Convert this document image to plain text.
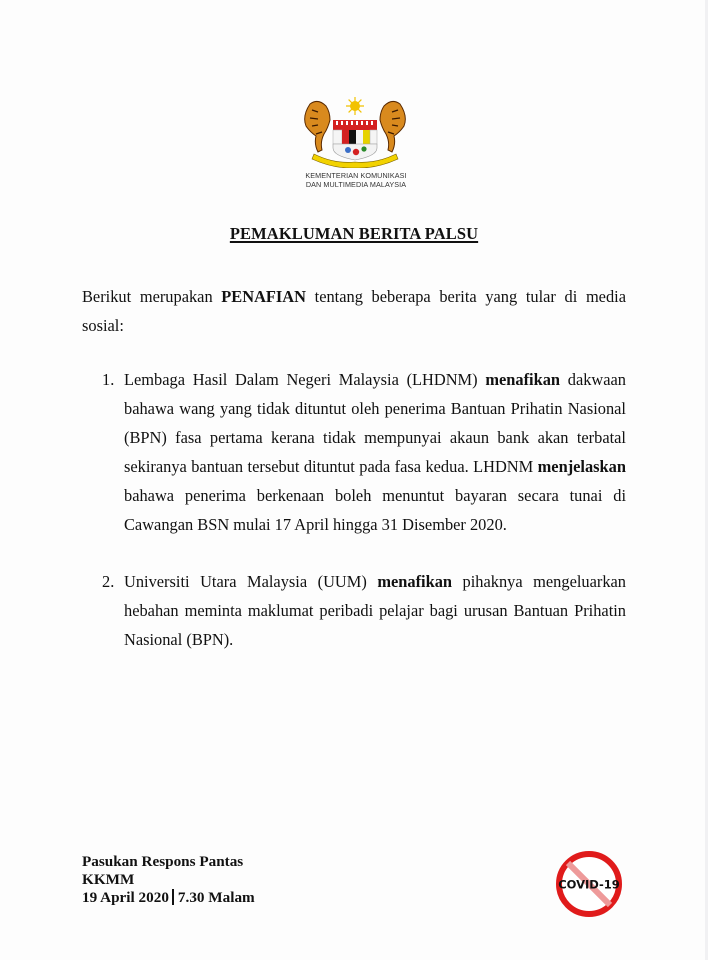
KEMENTERIAN KOMUNIKASI
DAN MULTIMEDIA MALAYSIA
PEMAKLUMAN BERITA PALSU
Berikut merupakan PENAFIAN tentang beberapa berita yang tular di media sosial:
1. Lembaga Hasil Dalam Negeri Malaysia (LHDNM) menafikan dakwaan bahawa wang yang tidak dituntut oleh penerima Bantuan Prihatin Nasional (BPN) fasa pertama kerana tidak mempunyai akaun bank akan terbatal sekiranya bantuan tersebut dituntut pada fasa kedua. LHDNM menjelaskan bahawa penerima berkenaan boleh menuntut bayaran secara tunai di Cawangan BSN mulai 17 April hingga 31 Disember 2020.
2. Universiti Utara Malaysia (UUM) menafikan pihaknya mengeluarkan hebahan meminta maklumat peribadi pelajar bagi urusan Bantuan Prihatin Nasional (BPN).
Pasukan Respons Pantas
KKMM
19 April 2020 7.30 Malam
COVID-19
